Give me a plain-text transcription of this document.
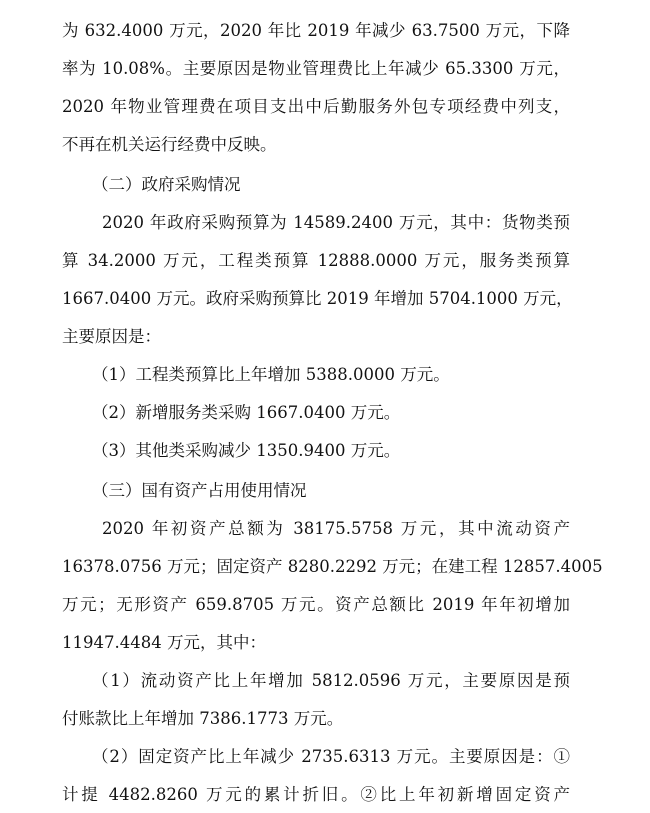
为 632.4000 万元，2020 年比 2019 年减少 63.7500 万元，下降
率为 10.08%。主要原因是物业管理费比上年减少 65.3300 万元，
2020 年物业管理费在项目支出中后勤服务外包专项经费中列支，
不再在机关运行经费中反映。
（二）政府采购情况
2020 年政府采购预算为 14589.2400 万元，其中：货物类预
算 34.2000 万元，工程类预算 12888.0000 万元，服务类预算
1667.0400 万元。政府采购预算比 2019 年增加 5704.1000 万元，
主要原因是：
（1）工程类预算比上年增加 5388.0000 万元。
（2）新增服务类采购 1667.0400 万元。
（3）其他类采购减少 1350.9400 万元。
（三）国有资产占用使用情况
2020 年初资产总额为 38175.5758 万元，其中流动资产
16378.0756 万元；固定资产 8280.2292 万元；在建工程 12857.4005
万元；无形资产 659.8705 万元。资产总额比 2019 年年初增加
11947.4484 万元，其中：
（1）流动资产比上年增加 5812.0596 万元，主要原因是预
付账款比上年增加 7386.1773 万元。
（2）固定资产比上年减少 2735.6313 万元。主要原因是：①
计提 4482.8260 万元的累计折旧。②比上年初新增固定资产
